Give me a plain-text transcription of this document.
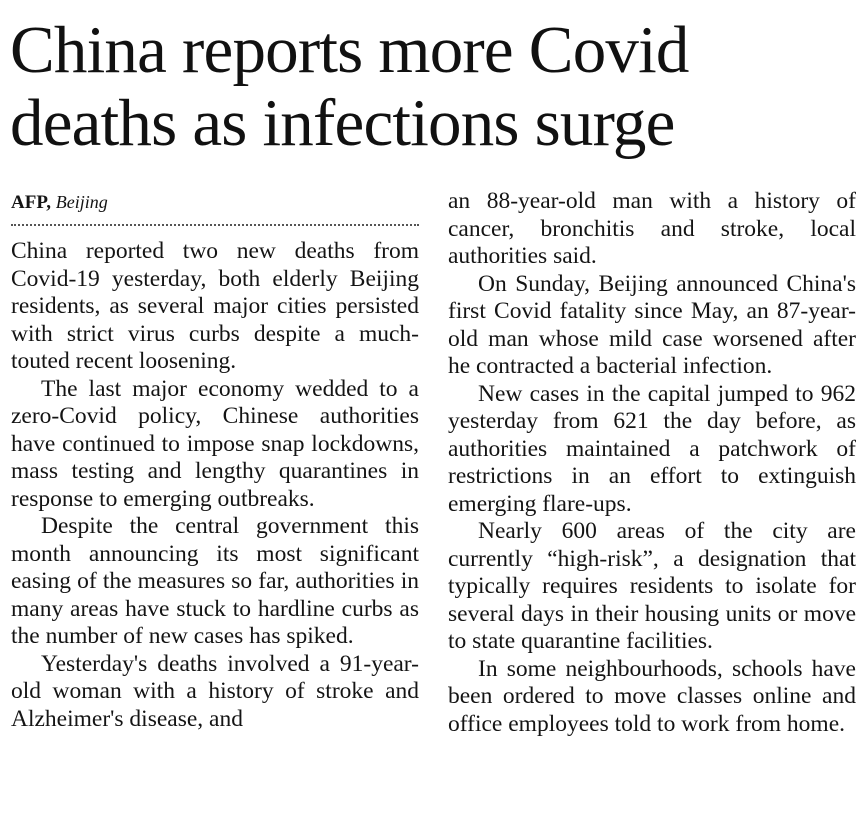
China reports more Covid deaths as infections surge
AFP, Beijing

China reported two new deaths from Covid-19 yesterday, both elderly Beijing residents, as several major cities persisted with strict virus curbs despite a much-touted recent loosening.

The last major economy wedded to a zero-Covid policy, Chinese authorities have continued to impose snap lockdowns, mass testing and lengthy quarantines in response to emerging outbreaks.

Despite the central government this month announcing its most significant easing of the measures so far, authorities in many areas have stuck to hardline curbs as the number of new cases has spiked.

Yesterday's deaths involved a 91-year-old woman with a history of stroke and Alzheimer's disease, and

an 88-year-old man with a history of cancer, bronchitis and stroke, local authorities said.

On Sunday, Beijing announced China's first Covid fatality since May, an 87-year-old man whose mild case worsened after he contracted a bacterial infection.

New cases in the capital jumped to 962 yesterday from 621 the day before, as authorities maintained a patchwork of restrictions in an effort to extinguish emerging flare-ups.

Nearly 600 areas of the city are currently “high-risk”, a designation that typically requires residents to isolate for several days in their housing units or move to state quarantine facilities.

In some neighbourhoods, schools have been ordered to move classes online and office employees told to work from home.
